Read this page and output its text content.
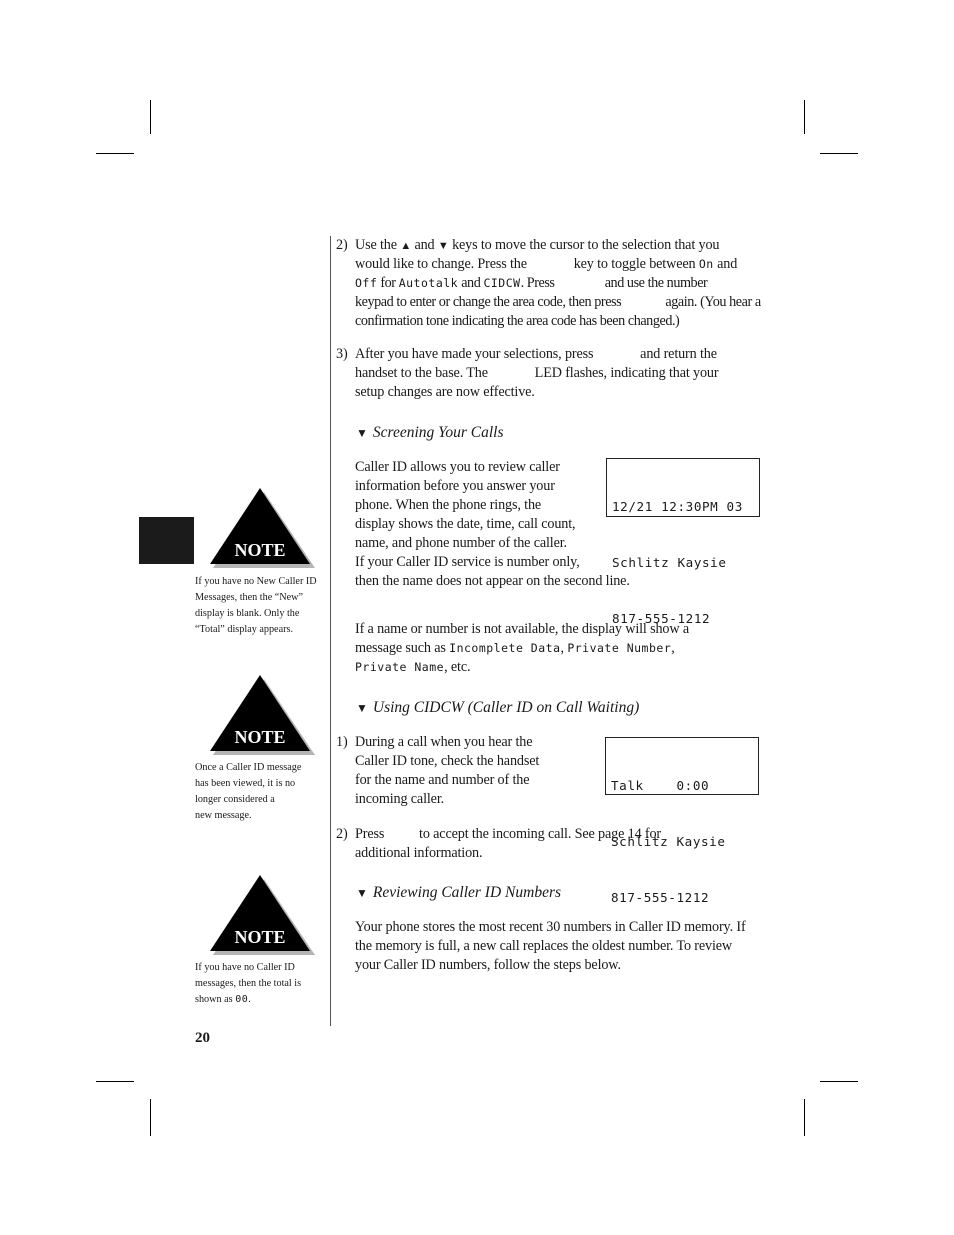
2) Use the ▲ and ▼ keys to move the cursor to the selection that you
would like to change. Press the	key to toggle between On and
Off for Autotalk and CIDCW. Press	and use the number
keypad to enter or change the area code, then press	again. (You hear a
confirmation tone indicating the area code has been changed.)
3) After you have made your selections, press	and return the
handset to the base. The	LED flashes, indicating that your
setup changes are now effective.
▼ Screening Your Calls
Caller ID allows you to review caller
information before you answer your
phone. When the phone rings, the
display shows the date, time, call count,
name, and phone number of the caller.
If your Caller ID service is number only,
then the name does not appear on the second line.

12/21 12:30PM 03

Schlitz Kaysie

817-555-1212

If a name or number is not available, the display will show a
message such as Incomplete Data, Private Number,
Private Name, etc.
▼ Using CIDCW (Caller ID on Call Waiting)
1) During a call when you hear the
Caller ID tone, check the handset
for the name and number of the
incoming caller.

Talk    0:00

Schlitz Kaysie

817-555-1212

2) Press to accept the incoming call. See page 14 for
additional information.
▼ Reviewing Caller ID Numbers
Your phone stores the most recent 30 numbers in Caller ID memory. If
the memory is full, a new call replaces the oldest number. To review
your Caller ID numbers, follow the steps below.
NOTE
If you have no New Caller ID
Messages, then the “New”
display is blank. Only the
“Total” display appears.
NOTE
Once a Caller ID message
has been viewed, it is no
longer considered a
new message.
NOTE
If you have no Caller ID
messages, then the total is
shown as 00.
20
